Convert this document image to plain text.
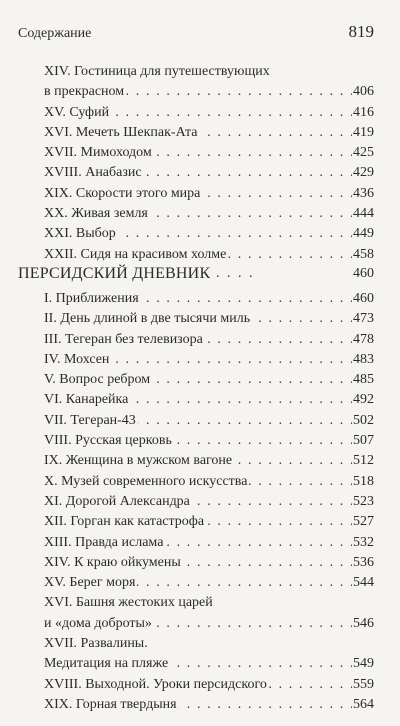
Содержание	819
XIV. Гостиница для путешествующих
. . . в прекрасном	406
. . . XV. Суфий	416
. . . XVI. Мечеть Шекпак-Ата	419
. . . XVII. Мимоходом	425
. . . XVIII. Анабазис	429
. . . XIX. Скорости этого мира	436
. . . XX. Живая земля	444
. . . XXI. Выбор	449
. . . XXII. Сидя на красивом холме	458
. . . ПЕРСИДСКИЙ ДНЕВНИК	460
. . . I. Приближения	460
. . . II. День длиной в две тысячи миль	473
. . . III. Тегеран без телевизора	478
. . . IV. Мохсен	483
. . . V. Вопрос ребром	485
. . . VI. Канарейка	492
. . . VII. Тегеран-43	502
. . . VIII. Русская церковь	507
. . . IX. Женщина в мужском вагоне	512
. . . X. Музей современного искусства	518
. . . XI. Дорогой Александра	523
. . . XII. Горган как катастрофа	527
. . . XIII. Правда ислама	532
. . . XIV. К краю ойкумены	536
. . . XV. Берег моря	544
XVI. Башня жестоких царей
. . . и «дома доброты»	546
XVII. Развалины.
. . . Медитация на пляже	549
. . . XVIII. Выходной. Уроки персидского	559
. . . XIX. Горная твердыня	564
